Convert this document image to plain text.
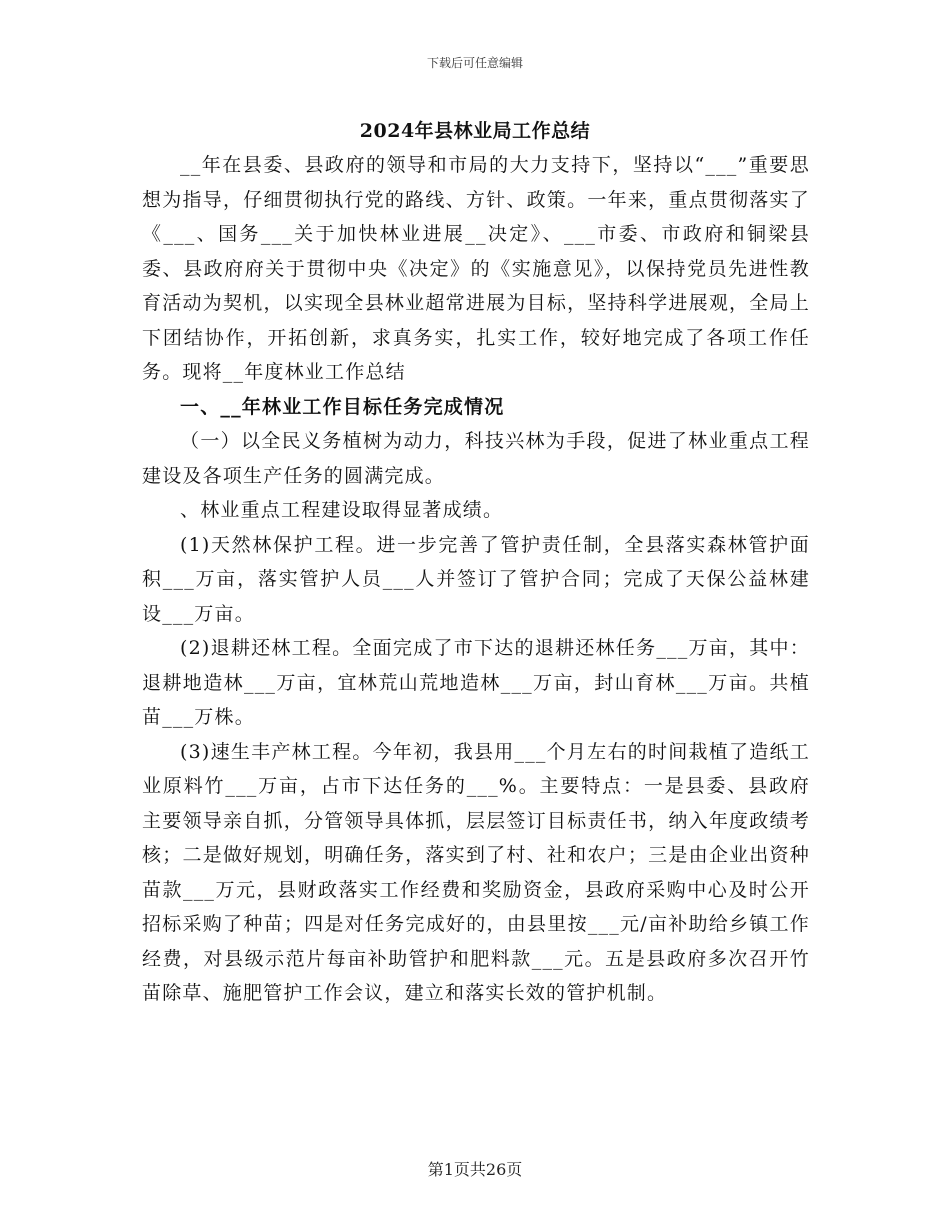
下载后可任意编辑
2024年县林业局工作总结

__年在县委、县政府的领导和市局的大力支持下，坚持以“___”重要思想为指导，仔细贯彻执行党的路线、方针、政策。一年来，重点贯彻落实了《___、国务___关于加快林业进展__决定》、___市委、市政府和铜梁县委、县政府府关于贯彻中央《决定》的《实施意见》，以保持党员先进性教育活动为契机，以实现全县林业超常进展为目标，坚持科学进展观，全局上下团结协作，开拓创新，求真务实，扎实工作，较好地完成了各项工作任务。现将__年度林业工作总结

一、__年林业工作目标任务完成情况

（一）以全民义务植树为动力，科技兴林为手段，促进了林业重点工程建设及各项生产任务的圆满完成。

、林业重点工程建设取得显著成绩。

(1)天然林保护工程。进一步完善了管护责任制，全县落实森林管护面积___万亩，落实管护人员___人并签订了管护合同；完成了天保公益林建设___万亩。

(2)退耕还林工程。全面完成了市下达的退耕还林任务___万亩，其中：退耕地造林___万亩，宜林荒山荒地造林___万亩，封山育林___万亩。共植苗___万株。

(3)速生丰产林工程。今年初，我县用___个月左右的时间栽植了造纸工业原料竹___万亩，占市下达任务的___%。主要特点：一是县委、县政府主要领导亲自抓，分管领导具体抓，层层签订目标责任书，纳入年度政绩考核；二是做好规划，明确任务，落实到了村、社和农户；三是由企业出资种苗款___万元，县财政落实工作经费和奖励资金，县政府采购中心及时公开招标采购了种苗；四是对任务完成好的，由县里按___元/亩补助给乡镇工作经费，对县级示范片每亩补助管护和肥料款___元。五是县政府多次召开竹苗除草、施肥管护工作会议，建立和落实长效的管护机制。

第1页共26页
